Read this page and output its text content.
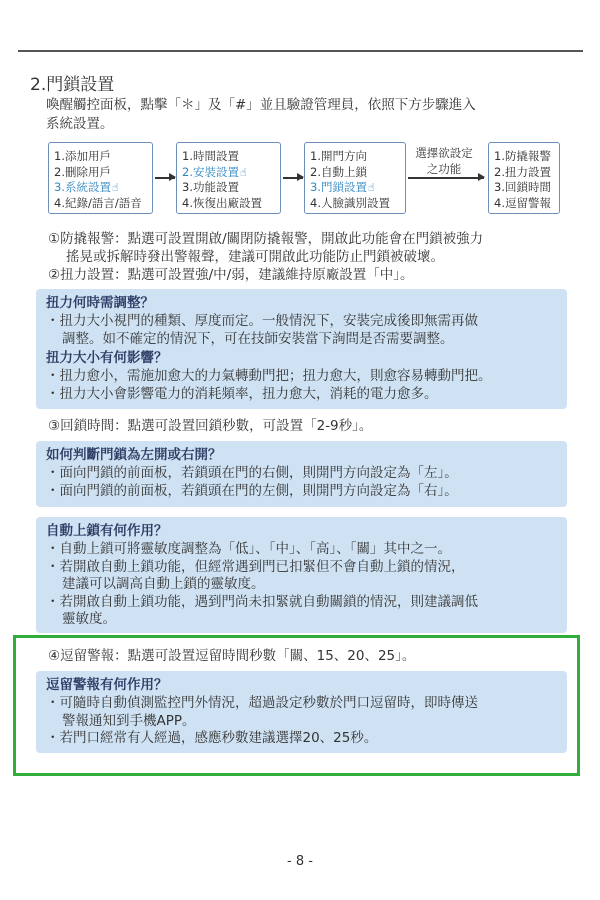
2.門鎖設置
喚醒觸控面板，點擊「＊」及「#」並且驗證管理員，依照下方步驟進入
系統設置。
1.添加用戶
2.刪除用戶
3.系統設置☝
4.紀錄/語言/語音
1.時間設置
2.安裝設置☝
3.功能設置
4.恢復出廠設置
1.開門方向
2.自動上鎖
3.門鎖設置☝
4.人臉識別設置
選擇欲設定
之功能
1.防撬報警
2.扭力設置
3.回鎖時間
4.逗留警報
①防撬報警：點選可設置開啟/關閉防撬報警，開啟此功能會在門鎖被強力
搖晃或拆解時發出警報聲，建議可開啟此功能防止門鎖被破壞。
②扭力設置：點選可設置強/中/弱，建議維持原廠設置「中」。
扭力何時需調整？
・扭力大小視門的種類、厚度而定。一般情況下，安裝完成後即無需再做
調整。如不確定的情況下，可在技師安裝當下詢問是否需要調整。
扭力大小有何影響？
・扭力愈小，需施加愈大的力氣轉動門把；扭力愈大，則愈容易轉動門把。
・扭力大小會影響電力的消耗頻率，扭力愈大，消耗的電力愈多。
③回鎖時間：點選可設置回鎖秒數，可設置「2-9秒」。
如何判斷門鎖為左開或右開？
・面向門鎖的前面板，若鎖頭在門的右側，則開門方向設定為「左」。
・面向門鎖的前面板，若鎖頭在門的左側，則開門方向設定為「右」。
自動上鎖有何作用？
・自動上鎖可將靈敏度調整為「低」、「中」、「高」、「關」其中之一。
・若開啟自動上鎖功能，但經常遇到門已扣緊但不會自動上鎖的情況，
建議可以調高自動上鎖的靈敏度。
・若開啟自動上鎖功能，遇到門尚未扣緊就自動關鎖的情況，則建議調低
靈敏度。
④逗留警報：點選可設置逗留時間秒數「關、15、20、25」。
逗留警報有何作用？
・可隨時自動偵測監控門外情況，超過設定秒數於門口逗留時，即時傳送
警報通知到手機APP。
・若門口經常有人經過，感應秒數建議選擇20、25秒。
- 8 -
